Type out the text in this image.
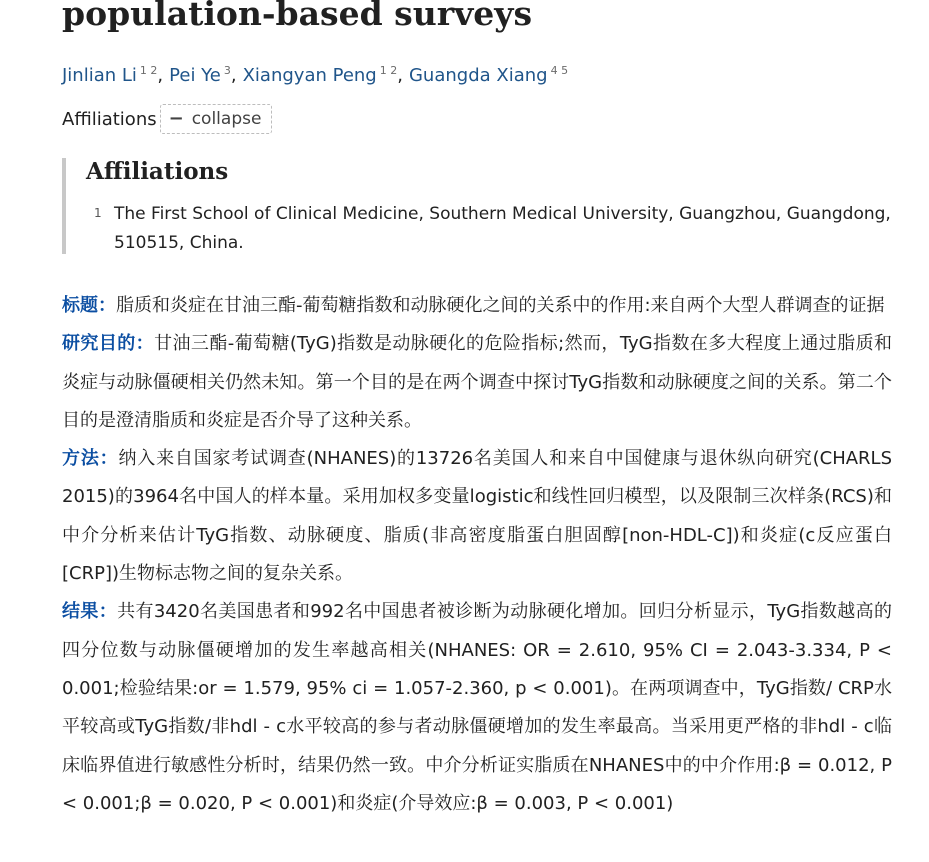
population-based surveys
Jinlian Li $^{1 2}$, Pei Ye $^3$, Xiangyan Peng $^{1 2}$, Guangda Xiang $^{4 5}$
Affiliations − collapse
Affiliations
1 The First School of Clinical Medicine, Southern Medical University, Guangzhou, Guangdong, 510515, China.

标题：脂质和炎症在甘油三酯-葡萄糖指数和动脉硬化之间的关系中的作用:来自两个大型人群调查的证据

研究目的：甘油三酯-葡萄糖(TyG)指数是动脉硬化的危险指标;然而，TyG指数在多大程度上通过脂质和炎症与动脉僵硬相关仍然未知。第一个目的是在两个调查中探讨TyG指数和动脉硬度之间的关系。第二个目的是澄清脂质和炎症是否介导了这种关系。

方法：纳入来自国家考试调查(NHANES)的13726名美国人和来自中国健康与退休纵向研究(CHARLS 2015)的3964名中国人的样本量。采用加权多变量logistic和线性回归模型，以及限制三次样条(RCS)和中介分析来估计TyG指数、动脉硬度、脂质(非高密度脂蛋白胆固醇[non-HDL-C])和炎症(c反应蛋白[CRP])生物标志物之间的复杂关系。

结果：共有3420名美国患者和992名中国患者被诊断为动脉硬化增加。回归分析显示，TyG指数越高的四分位数与动脉僵硬增加的发生率越高相关(NHANES: OR = 2.610, 95% CI = 2.043-3.334, P < 0.001;检验结果:or = 1.579, 95% ci = 1.057-2.360, p < 0.001)。在两项调查中，TyG指数/ CRP水平较高或TyG指数/非hdl - c水平较高的参与者动脉僵硬增加的发生率最高。当采用更严格的非hdl - c临床临界值进行敏感性分析时，结果仍然一致。中介分析证实脂质在NHANES中的中介作用:β = 0.012, P < 0.001;β = 0.020, P < 0.001)和炎症(介导效应:β = 0.003, P < 0.001)
